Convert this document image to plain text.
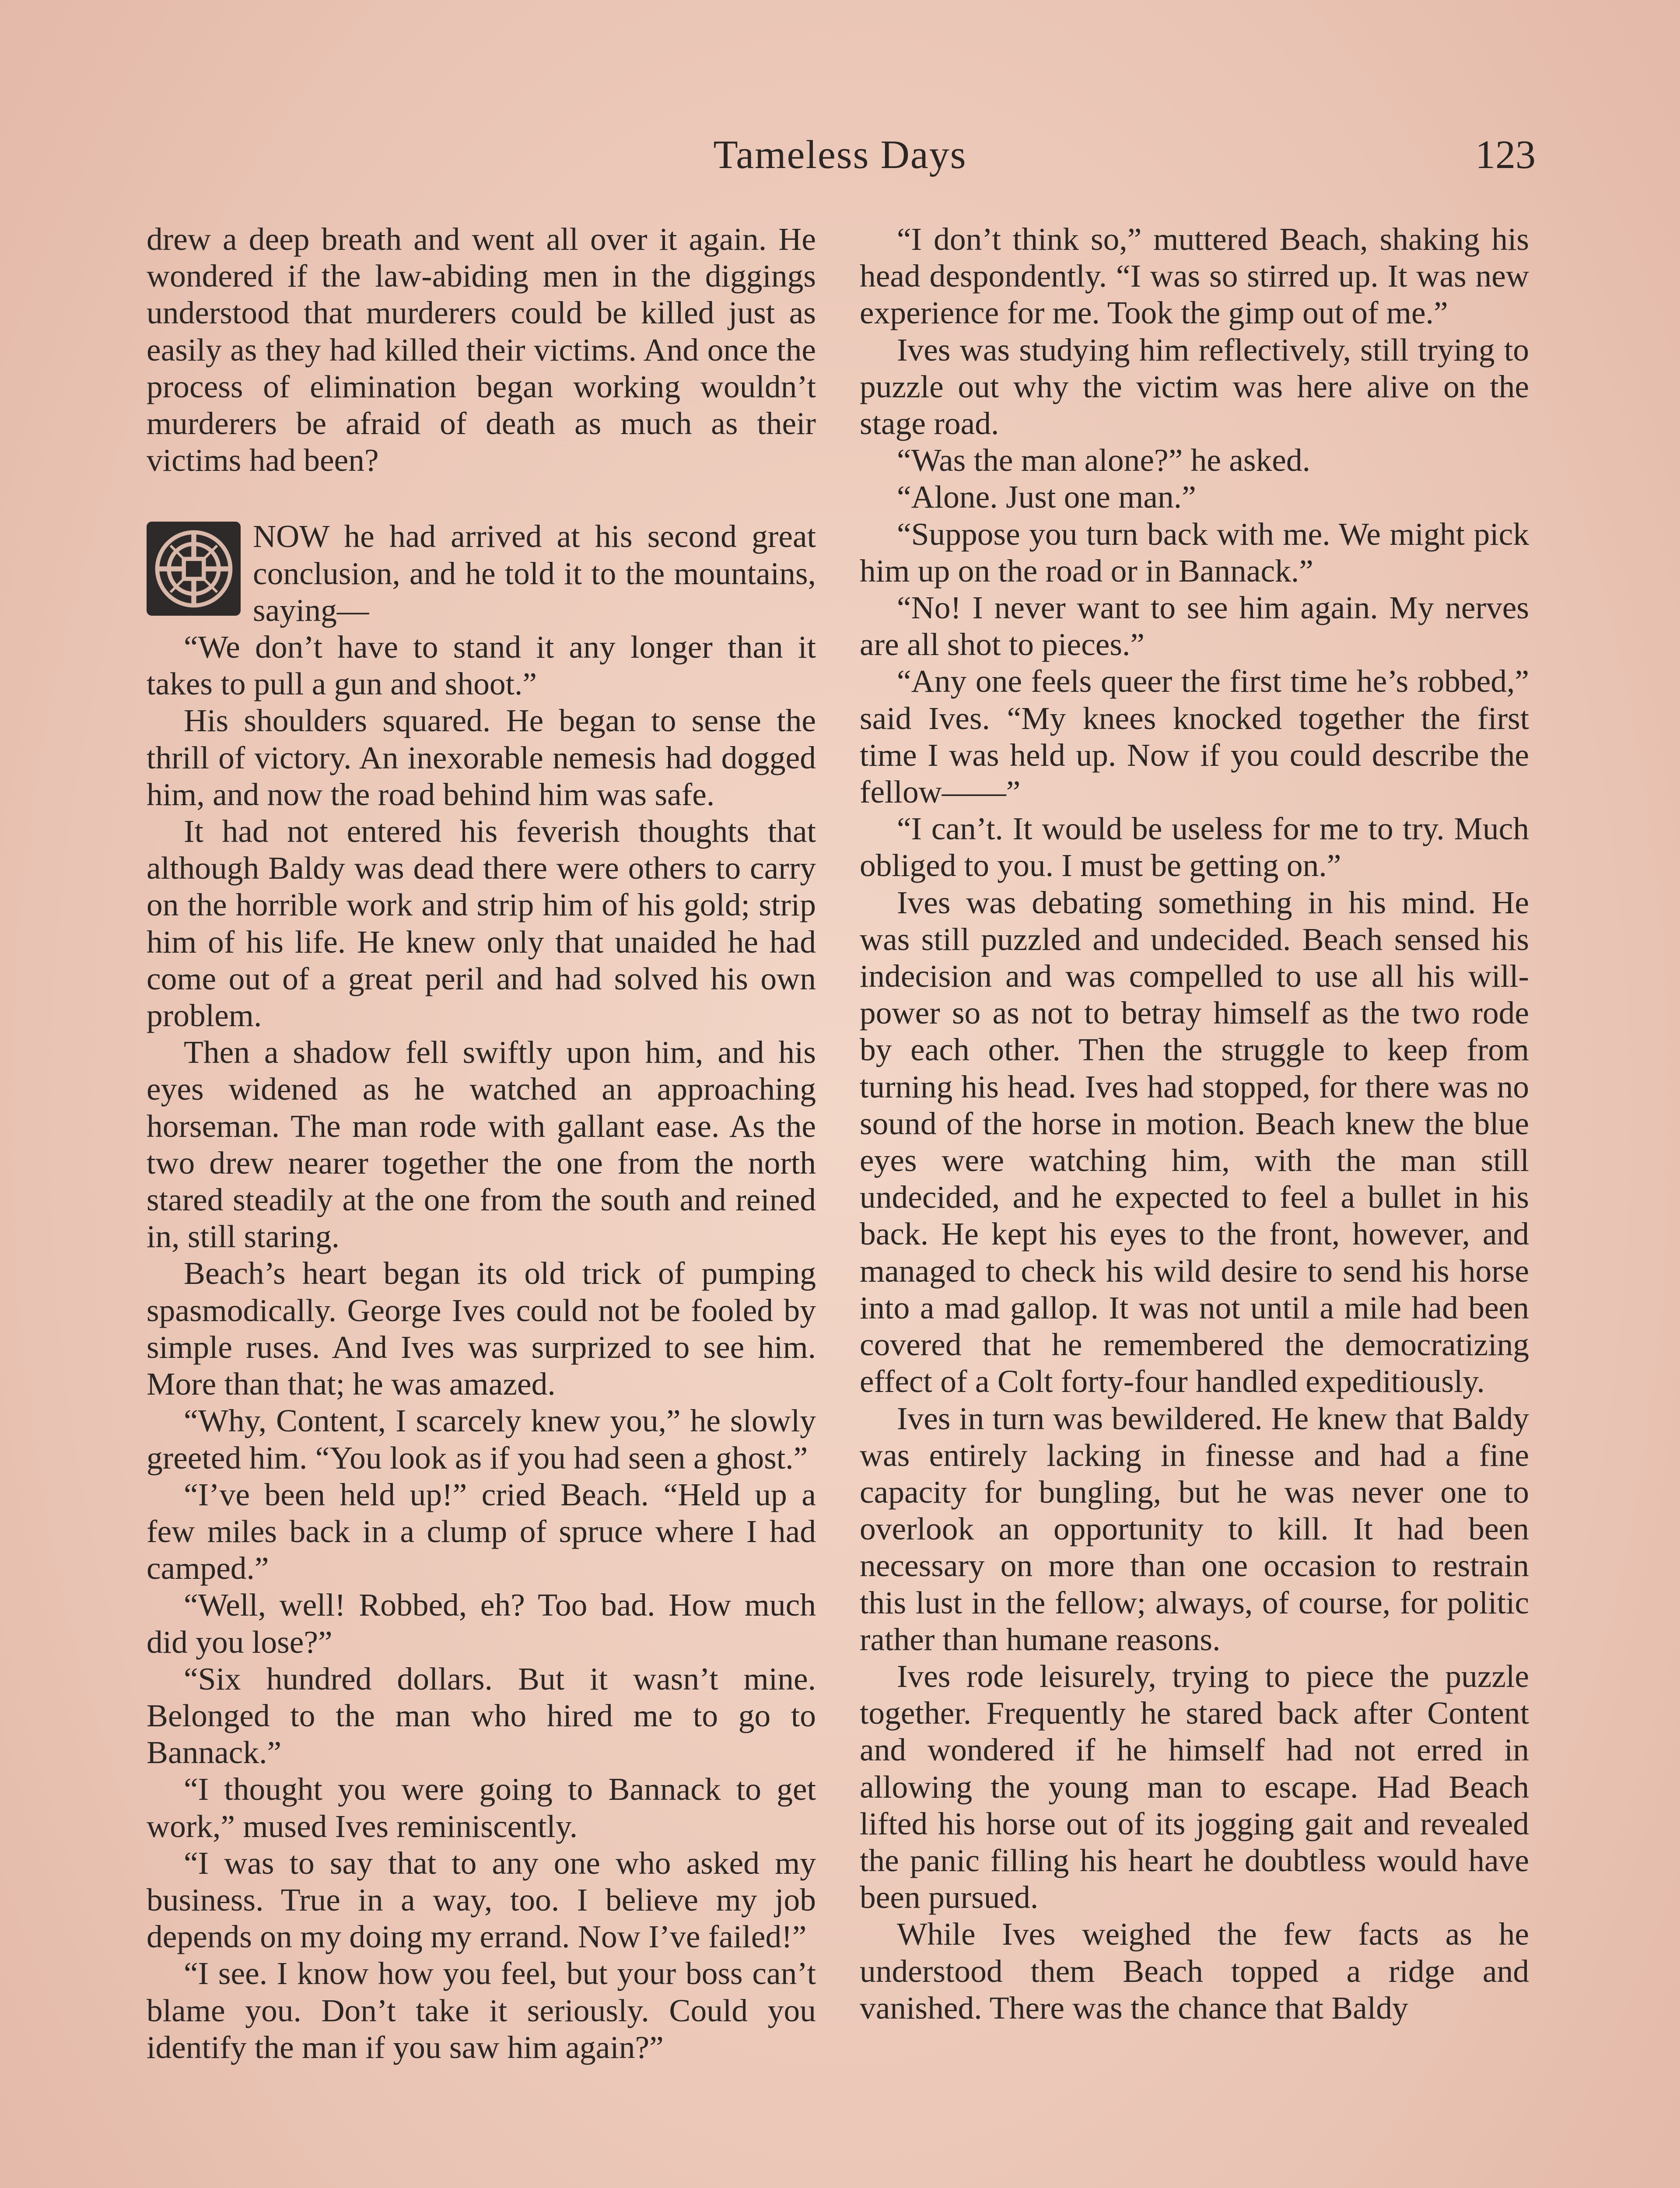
Tameless Days	123

drew a deep breath and went all over it again. He wondered if the law-abiding men in the diggings understood that murderers could be killed just as easily as they had killed their victims. And once the process of elimination began working wouldn’t murderers be afraid of death as much as their victims had been?

NOW he had arrived at his second great conclusion, and he told it to the mountains, saying—

“We don’t have to stand it any longer than it takes to pull a gun and shoot.”

His shoulders squared. He began to sense the thrill of victory. An inexorable nemesis had dogged him, and now the road behind him was safe.

It had not entered his feverish thoughts that although Baldy was dead there were others to carry on the horrible work and strip him of his gold; strip him of his life. He knew only that unaided he had come out of a great peril and had solved his own problem.

Then a shadow fell swiftly upon him, and his eyes widened as he watched an approaching horseman. The man rode with gallant ease. As the two drew nearer together the one from the north stared steadily at the one from the south and reined in, still staring.

Beach’s heart began its old trick of pumping spasmodically. George Ives could not be fooled by simple ruses. And Ives was surprized to see him. More than that; he was amazed.

“Why, Content, I scarcely knew you,” he slowly greeted him. “You look as if you had seen a ghost.”

“I’ve been held up!” cried Beach. “Held up a few miles back in a clump of spruce where I had camped.”

“Well, well! Robbed, eh? Too bad. How much did you lose?”

“Six hundred dollars. But it wasn’t mine. Belonged to the man who hired me to go to Bannack.”

“I thought you were going to Bannack to get work,” mused Ives reminiscently.

“I was to say that to any one who asked my business. True in a way, too. I believe my job depends on my doing my errand. Now I’ve failed!”

“I see. I know how you feel, but your boss can’t blame you. Don’t take it seriously. Could you identify the man if you saw him again?”

“I don’t think so,” muttered Beach, shaking his head despondently. “I was so stirred up. It was new experience for me. Took the gimp out of me.”

Ives was studying him reflectively, still trying to puzzle out why the victim was here alive on the stage road.

“Was the man alone?” he asked.

“Alone. Just one man.”

“Suppose you turn back with me. We might pick him up on the road or in Bannack.”

“No! I never want to see him again. My nerves are all shot to pieces.”

“Any one feels queer the first time he’s robbed,” said Ives. “My knees knocked together the first time I was held up. Now if you could describe the fellow——”

“I can’t. It would be useless for me to try. Much obliged to you. I must be getting on.”

Ives was debating something in his mind. He was still puzzled and undecided. Beach sensed his indecision and was compelled to use all his will-power so as not to betray himself as the two rode by each other. Then the struggle to keep from turning his head. Ives had stopped, for there was no sound of the horse in motion. Beach knew the blue eyes were watching him, with the man still undecided, and he expected to feel a bullet in his back. He kept his eyes to the front, however, and managed to check his wild desire to send his horse into a mad gallop. It was not until a mile had been covered that he remembered the democratizing effect of a Colt forty-four handled expeditiously.

Ives in turn was bewildered. He knew that Baldy was entirely lacking in finesse and had a fine capacity for bungling, but he was never one to overlook an opportunity to kill. It had been necessary on more than one occasion to restrain this lust in the fellow; always, of course, for politic rather than humane reasons.

Ives rode leisurely, trying to piece the puzzle together. Frequently he stared back after Content and wondered if he himself had not erred in allowing the young man to escape. Had Beach lifted his horse out of its jogging gait and revealed the panic filling his heart he doubtless would have been pursued.

While Ives weighed the few facts as he understood them Beach topped a ridge and vanished. There was the chance that Baldy
